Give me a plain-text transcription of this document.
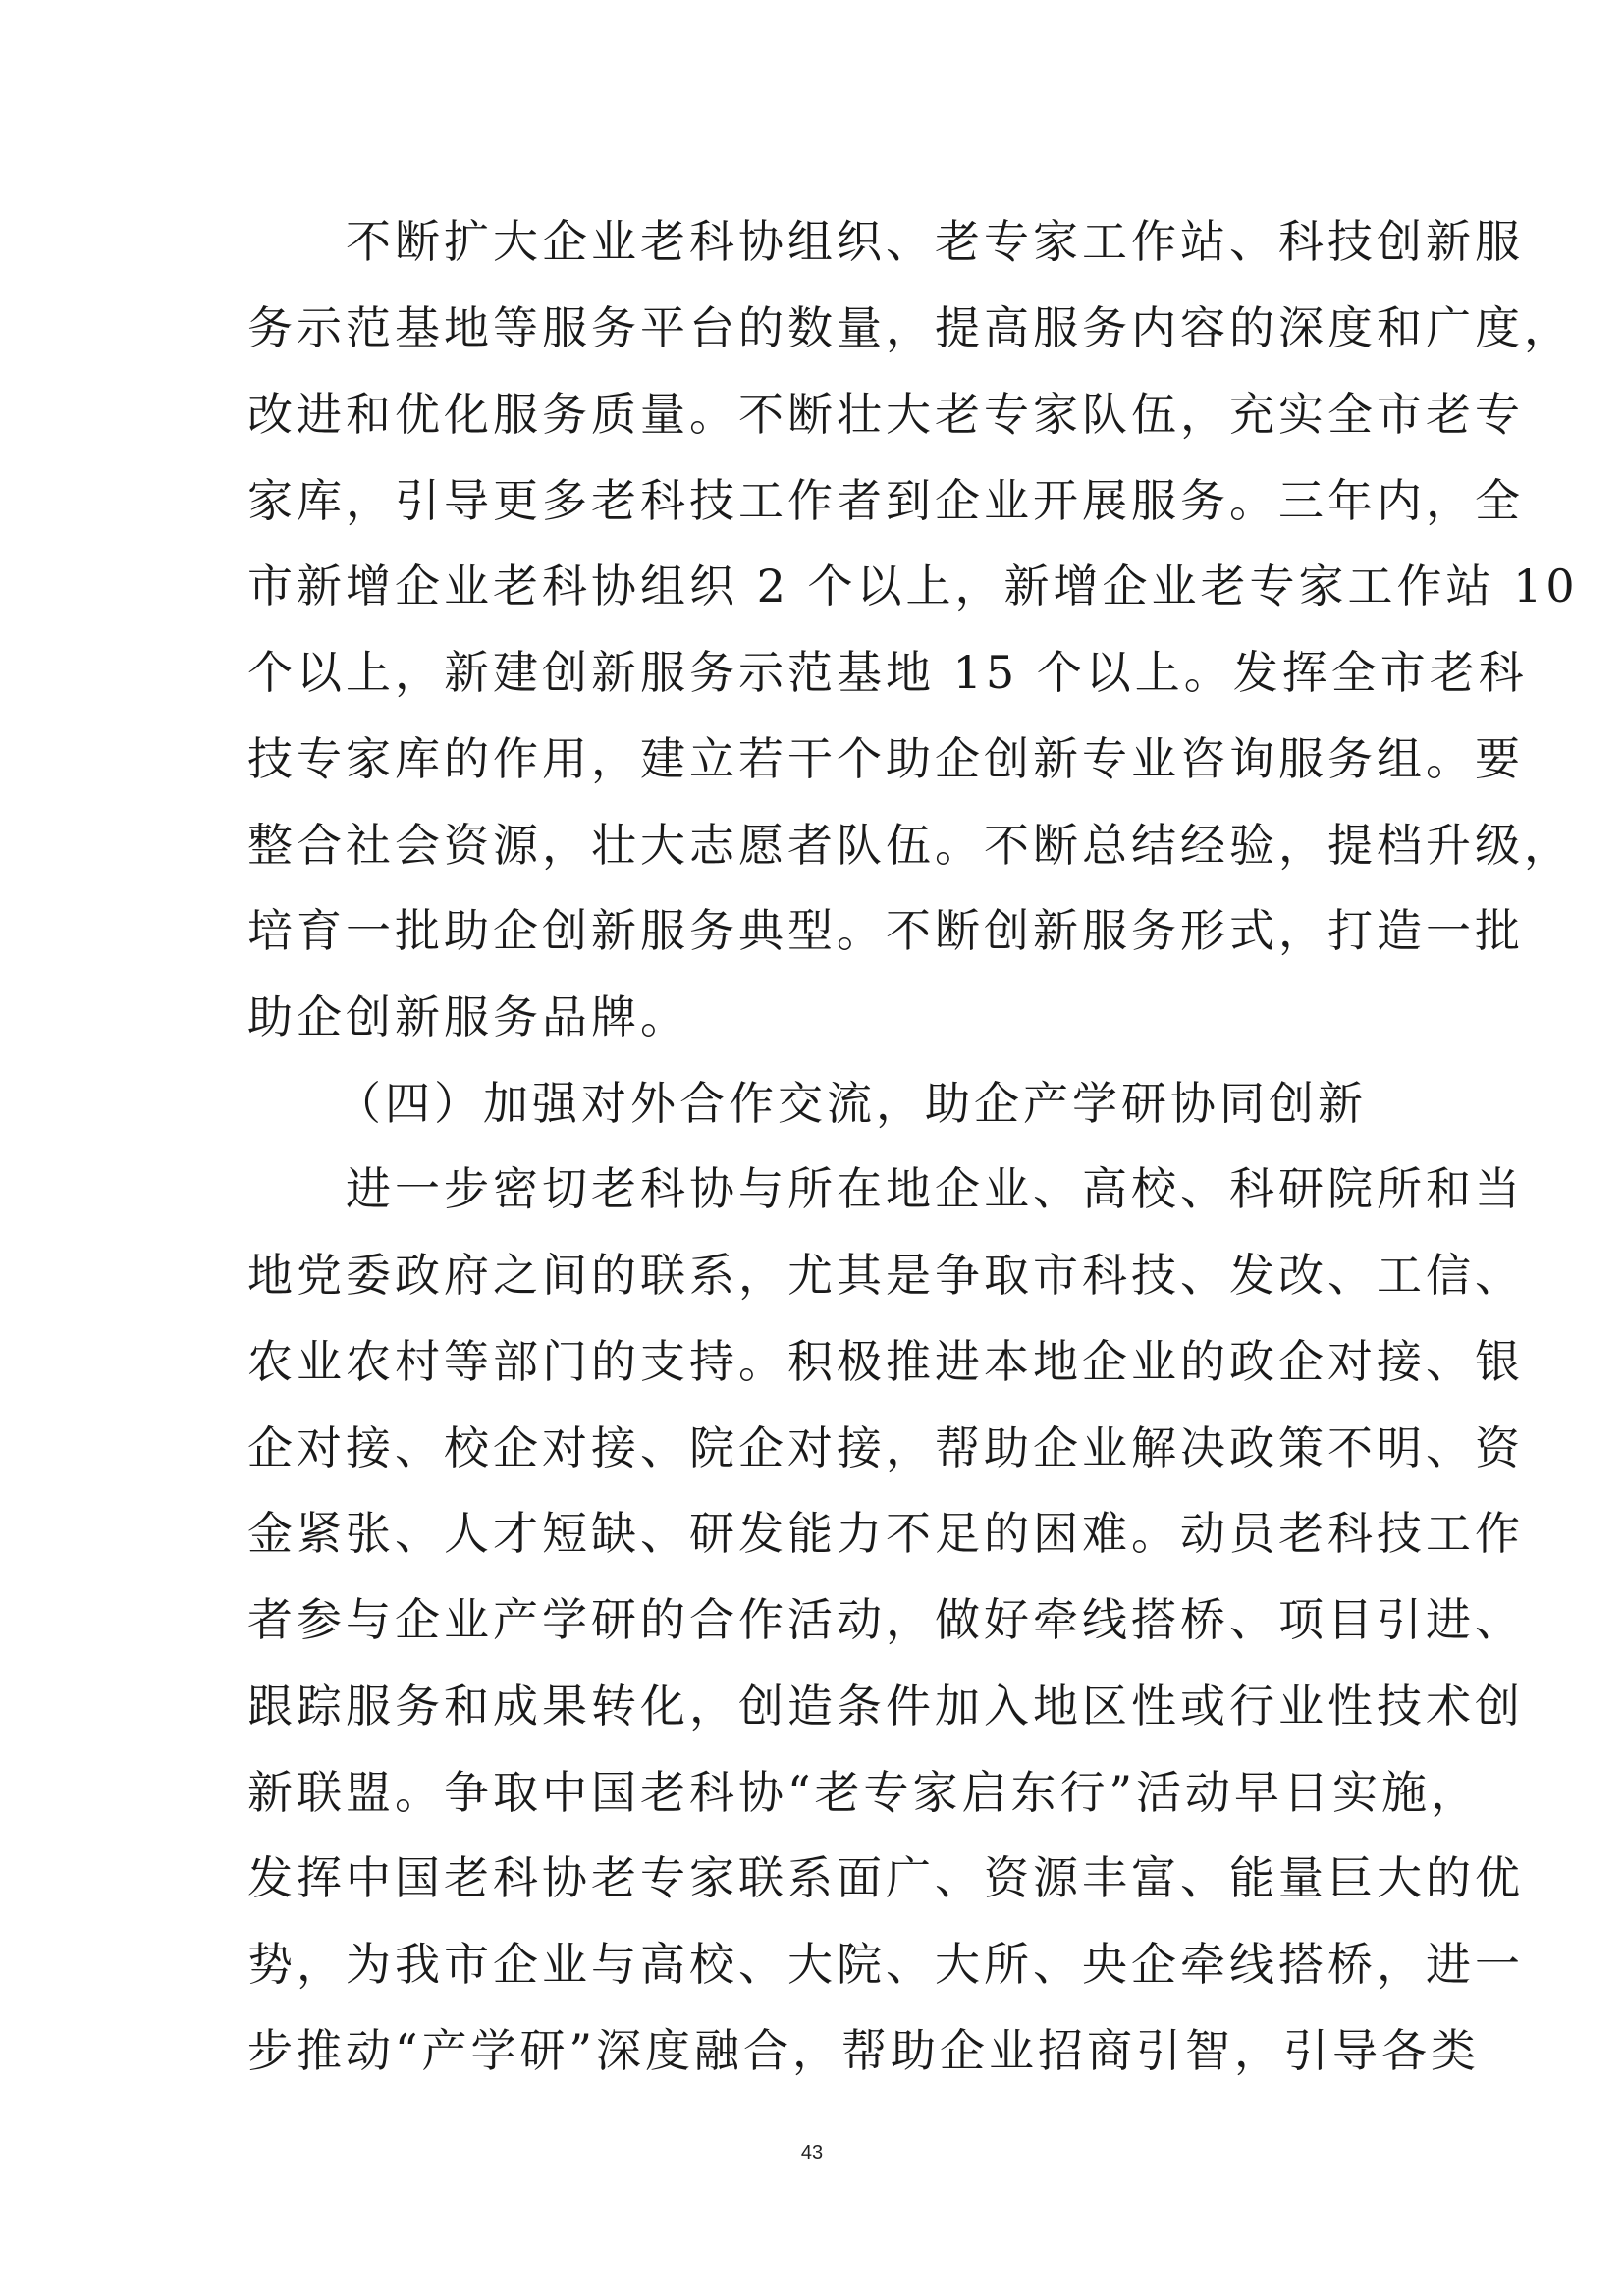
　　不断扩大企业老科协组织、老专家工作站、科技创新服
务示范基地等服务平台的数量，提高服务内容的深度和广度，
改进和优化服务质量。不断壮大老专家队伍，充实全市老专
家库，引导更多老科技工作者到企业开展服务。三年内，全
市新增企业老科协组织 2 个以上，新增企业老专家工作站 10
个以上，新建创新服务示范基地 15 个以上。发挥全市老科
技专家库的作用，建立若干个助企创新专业咨询服务组。要
整合社会资源，壮大志愿者队伍。不断总结经验，提档升级，
培育一批助企创新服务典型。不断创新服务形式，打造一批
助企创新服务品牌。
（四）加强对外合作交流，助企产学研协同创新
　　进一步密切老科协与所在地企业、高校、科研院所和当
地党委政府之间的联系，尤其是争取市科技、发改、工信、
农业农村等部门的支持。积极推进本地企业的政企对接、银
企对接、校企对接、院企对接，帮助企业解决政策不明、资
金紧张、人才短缺、研发能力不足的困难。动员老科技工作
者参与企业产学研的合作活动，做好牵线搭桥、项目引进、
跟踪服务和成果转化，创造条件加入地区性或行业性技术创
新联盟。争取中国老科协“老专家启东行”活动早日实施，
发挥中国老科协老专家联系面广、资源丰富、能量巨大的优
势，为我市企业与高校、大院、大所、央企牵线搭桥，进一
步推动“产学研”深度融合，帮助企业招商引智，引导各类
43
